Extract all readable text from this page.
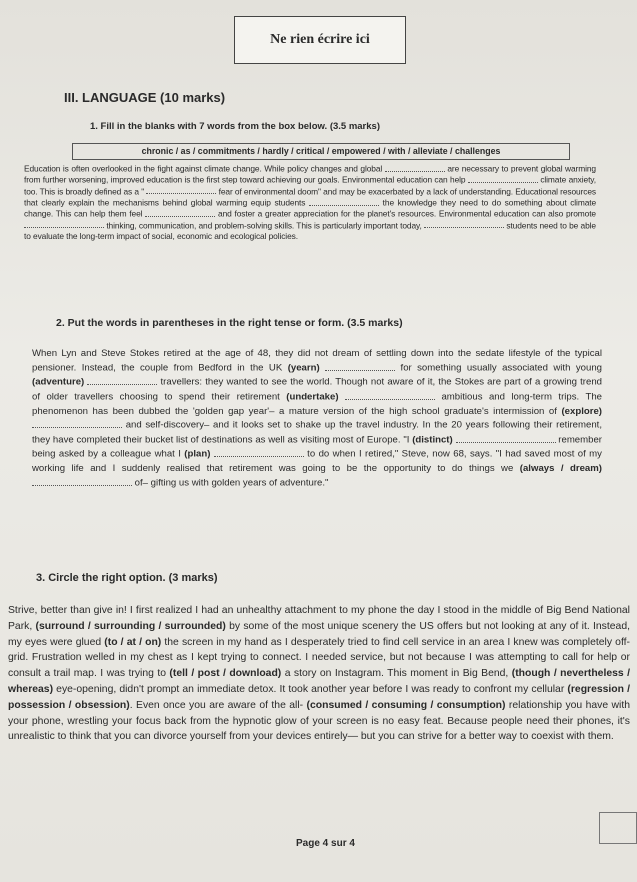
Ne rien écrire ici
III. LANGUAGE (10 marks)
1. Fill in the blanks with 7 words from the box below. (3.5 marks)
chronic / as / commitments / hardly / critical / empowered / with / alleviate / challenges
Education is often overlooked in the fight against climate change. While policy changes and global	are necessary to prevent global warming from further worsening, improved education is the first step toward achieving our goals. Environmental education can help	climate anxiety, too. This is broadly defined as a "	fear of environmental doom" and may be exacerbated by a lack of understanding. Educational resources that clearly explain the mechanisms behind global warming equip students	the knowledge they need to do something about climate change. This can help them feel	and foster a greater appreciation for the planet's resources. Environmental education can also promote  thinking, communication, and problem-solving skills. This is particularly important today,	students need to be able to evaluate the long-term impact of social, economic and ecological policies.
2. Put the words in parentheses in the right tense or form. (3.5 marks)
When Lyn and Steve Stokes retired at the age of 48, they did not dream of settling down into the sedate lifestyle of the typical pensioner. Instead, the couple from Bedford in the UK (yearn)	for something usually associated with young (adventure)	travellers: they wanted to see the world. Though not aware of it, the Stokes are part of a growing trend of older travellers choosing to spend their retirement (undertake)	ambitious and long-term trips. The phenomenon has been dubbed the 'golden gap year'– a mature version of the high school graduate's intermission of (explore)  and self-discovery– and it looks set to shake up the travel industry. In the 20 years following their retirement, they have completed their bucket list of destinations as well as visiting most of Europe. "I (distinct)	remember being asked by a colleague what I (plan)	to do when I retired," Steve, now 68, says. "I had saved most of my working life and I suddenly realised that retirement was going to be the opportunity to do things we (always / dream)  of– gifting us with golden years of adventure."
3. Circle the right option. (3 marks)
Strive, better than give in! I first realized I had an unhealthy attachment to my phone the day I stood in the middle of Big Bend National Park, (surround / surrounding / surrounded) by some of the most unique scenery the US offers but not looking at any of it. Instead, my eyes were glued (to / at / on) the screen in my hand as I desperately tried to find cell service in an area I knew was completely off-grid. Frustration welled in my chest as I kept trying to connect. I needed service, but not because I was attempting to call for help or consult a trail map. I was trying to (tell / post / download) a story on Instagram. This moment in Big Bend, (though / nevertheless / whereas) eye-opening, didn't prompt an immediate detox. It took another year before I was ready to confront my cellular (regression / possession / obsession). Even once you are aware of the all- (consumed / consuming / consumption) relationship you have with your phone, wrestling your focus back from the hypnotic glow of your screen is no easy feat. Because people need their phones, it's unrealistic to think that you can divorce yourself from your devices entirely— but you can strive for a better way to coexist with them.
Page 4 sur 4
